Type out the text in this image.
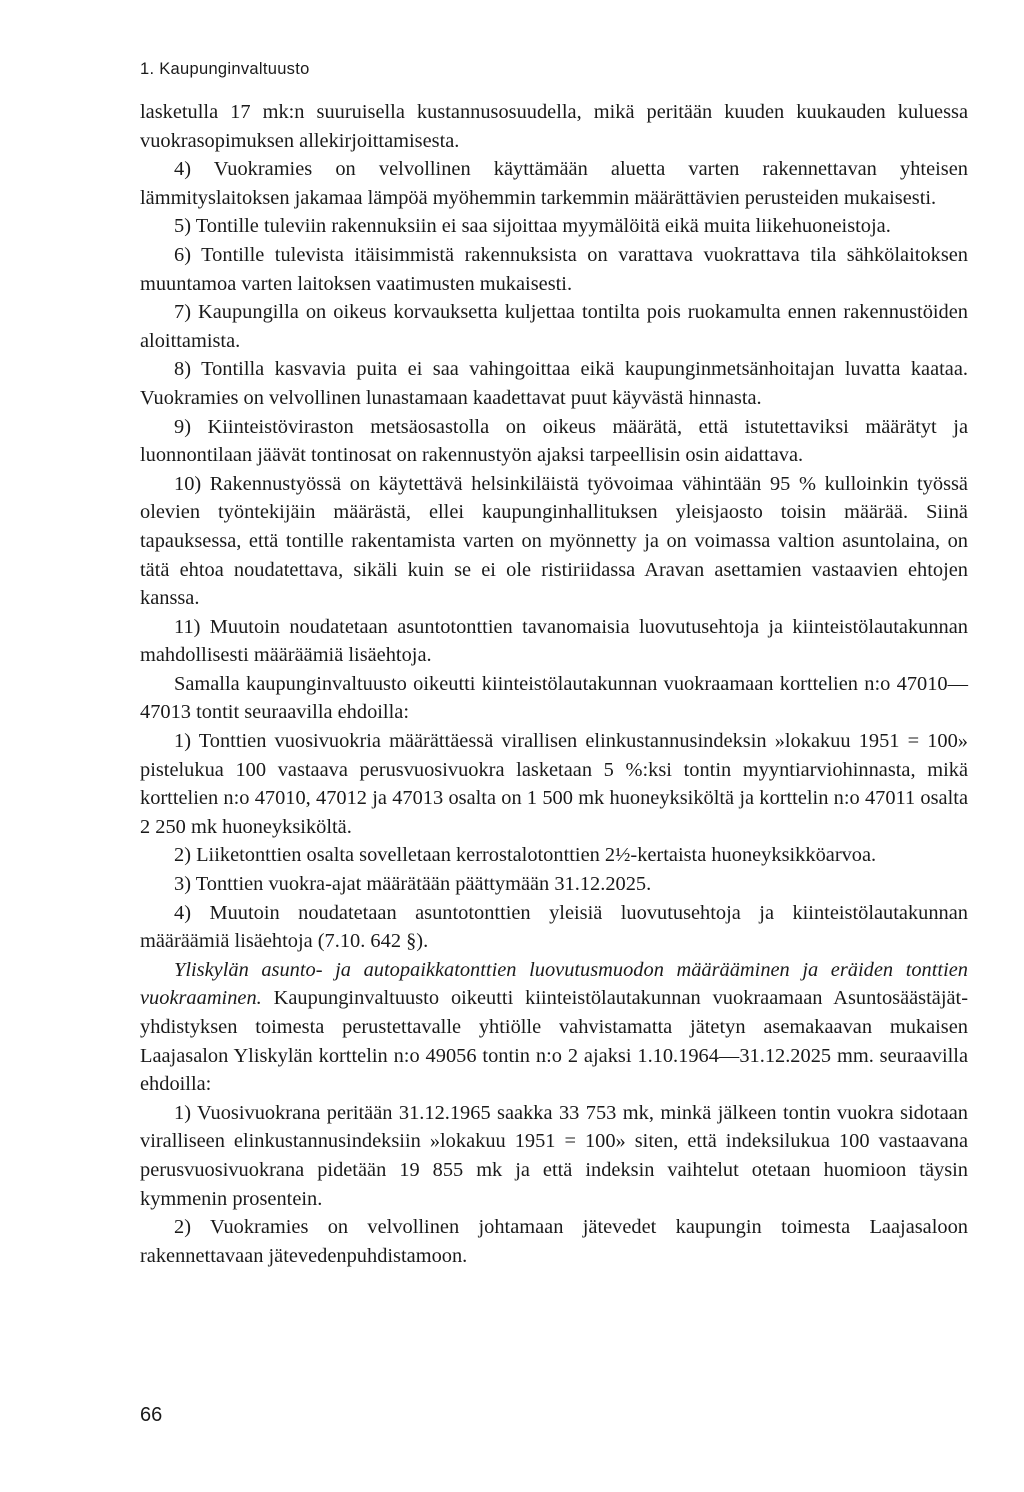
1. Kaupunginvaltuusto

lasketulla 17 mk:n suuruisella kustannusosuudella, mikä peritään kuuden kuukauden kuluessa vuokrasopimuksen allekirjoittamisesta.

4) Vuokramies on velvollinen käyttämään aluetta varten rakennettavan yhteisen lämmityslaitoksen jakamaa lämpöä myöhemmin tarkemmin määrättävien perusteiden mukaisesti.

5) Tontille tuleviin rakennuksiin ei saa sijoittaa myymälöitä eikä muita liikehuoneistoja.

6) Tontille tulevista itäisimmistä rakennuksista on varattava vuokrattava tila sähkölaitoksen muuntamoa varten laitoksen vaatimusten mukaisesti.

7) Kaupungilla on oikeus korvauksetta kuljettaa tontilta pois ruokamulta ennen rakennustöiden aloittamista.

8) Tontilla kasvavia puita ei saa vahingoittaa eikä kaupunginmetsänhoitajan luvatta kaataa. Vuokramies on velvollinen lunastamaan kaadettavat puut käyvästä hinnasta.

9) Kiinteistöviraston metsäosastolla on oikeus määrätä, että istutettaviksi määrätyt ja luonnontilaan jäävät tontinosat on rakennustyön ajaksi tarpeellisin osin aidattava.

10) Rakennustyössä on käytettävä helsinkiläistä työvoimaa vähintään 95 % kulloinkin työssä olevien työntekijäin määrästä, ellei kaupunginhallituksen yleisjaosto toisin määrää. Siinä tapauksessa, että tontille rakentamista varten on myönnetty ja on voimassa valtion asuntolaina, on tätä ehtoa noudatettava, sikäli kuin se ei ole ristiriidassa Aravan asettamien vastaavien ehtojen kanssa.

11) Muutoin noudatetaan asuntotonttien tavanomaisia luovutusehtoja ja kiinteistölautakunnan mahdollisesti määräämiä lisäehtoja.

Samalla kaupunginvaltuusto oikeutti kiinteistölautakunnan vuokraamaan korttelien n:o 47010—47013 tontit seuraavilla ehdoilla:

1) Tonttien vuosivuokria määrättäessä virallisen elinkustannusindeksin »lokakuu 1951 = 100» pistelukua 100 vastaava perusvuosivuokra lasketaan 5 %:ksi tontin myyntiarviohinnasta, mikä korttelien n:o 47010, 47012 ja 47013 osalta on 1 500 mk huoneyksiköltä ja korttelin n:o 47011 osalta 2 250 mk huoneyksiköltä.

2) Liiketonttien osalta sovelletaan kerrostalotonttien 2½-kertaista huoneyksikköarvoa.

3) Tonttien vuokra-ajat määrätään päättymään 31.12.2025.

4) Muutoin noudatetaan asuntotonttien yleisiä luovutusehtoja ja kiinteistölautakunnan määräämiä lisäehtoja (7.10. 642 §).

Yliskylän asunto- ja autopaikkatonttien luovutusmuodon määrääminen ja eräiden tonttien vuokraaminen. Kaupunginvaltuusto oikeutti kiinteistölautakunnan vuokraamaan Asuntosäästäjät-yhdistyksen toimesta perustettavalle yhtiölle vahvistamatta jätetyn asemakaavan mukaisen Laajasalon Yliskylän korttelin n:o 49056 tontin n:o 2 ajaksi 1.10.1964—31.12.2025 mm. seuraavilla ehdoilla:

1) Vuosivuokrana peritään 31.12.1965 saakka 33 753 mk, minkä jälkeen tontin vuokra sidotaan viralliseen elinkustannusindeksiin »lokakuu 1951 = 100» siten, että indeksilukua 100 vastaavana perusvuosivuokrana pidetään 19 855 mk ja että indeksin vaihtelut otetaan huomioon täysin kymmenin prosentein.

2) Vuokramies on velvollinen johtamaan jätevedet kaupungin toimesta Laajasaloon rakennettavaan jätevedenpuhdistamoon.

66
